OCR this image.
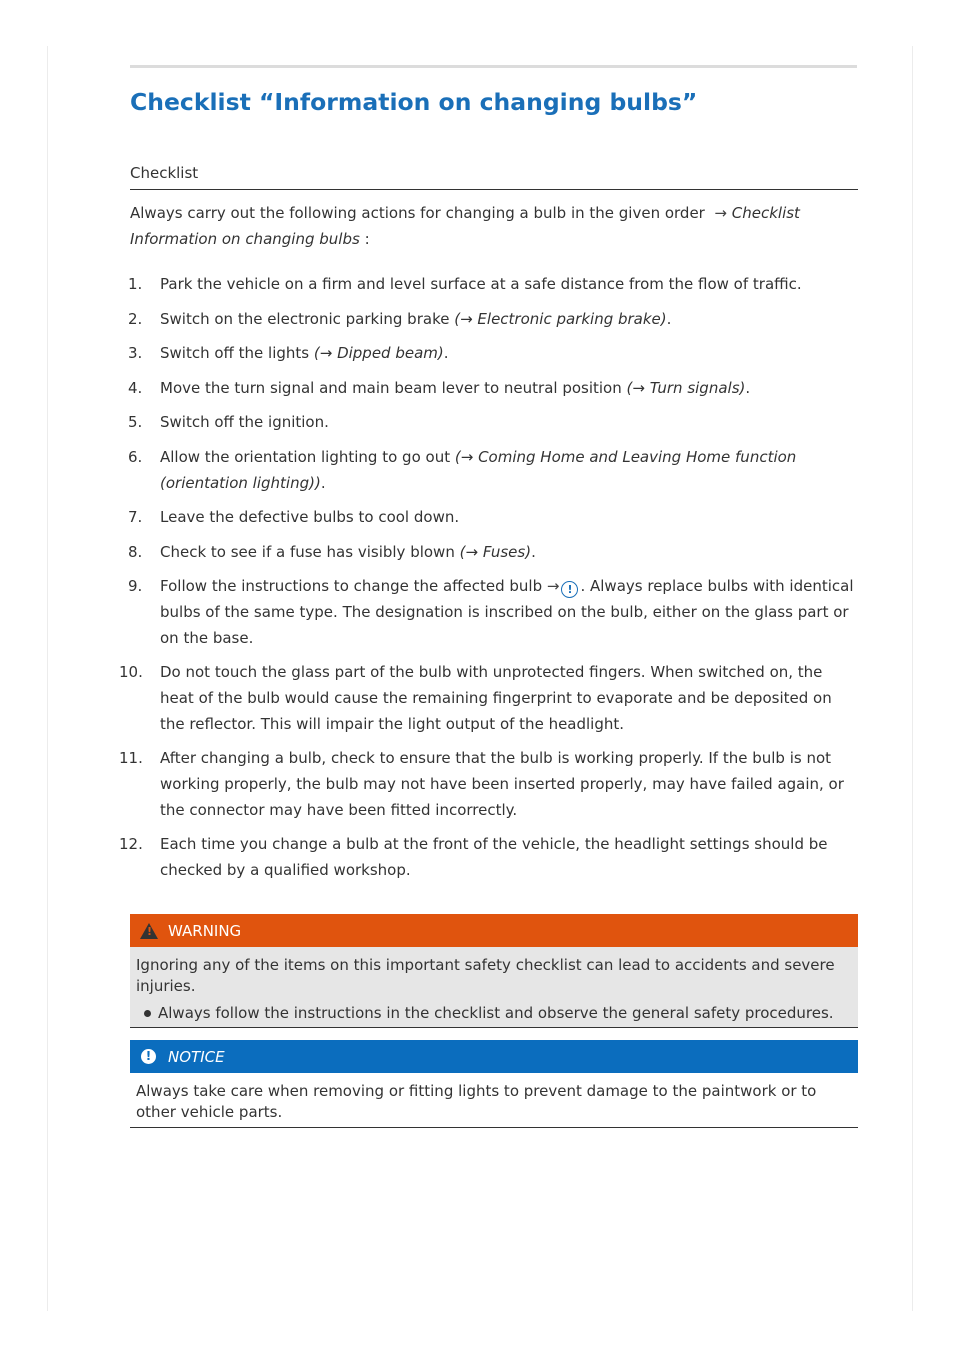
Checklist “Information on changing bulbs”
Checklist
Always carry out the following actions for changing a bulb in the given order  → Checklist Information on changing bulbs :
1.	Park the vehicle on a firm and level surface at a safe distance from the flow of traffic.
2.	Switch on the electronic parking brake (→ Electronic parking brake).
3.	Switch off the lights (→ Dipped beam).
4.	Move the turn signal and main beam lever to neutral position (→ Turn signals).
5.	Switch off the ignition.
6.	Allow the orientation lighting to go out (→ Coming Home and Leaving Home function (orientation lighting)).
7.	Leave the defective bulbs to cool down.
8.	Check to see if a fuse has visibly blown (→ Fuses).
9.	Follow the instructions to change the affected bulb → ! . Always replace bulbs with identical bulbs of the same type. The designation is inscribed on the bulb, either on the glass part or on the base.
10.	Do not touch the glass part of the bulb with unprotected fingers. When switched on, the heat of the bulb would cause the remaining fingerprint to evaporate and be deposited on the reflector. This will impair the light output of the headlight.
11.	After changing a bulb, check to ensure that the bulb is working properly. If the bulb is not working properly, the bulb may not have been inserted properly, may have failed again, or the connector may have been fitted incorrectly.
12.	Each time you change a bulb at the front of the vehicle, the headlight settings should be checked by a qualified workshop.
! WARNING
Ignoring any of the items on this important safety checklist can lead to accidents and severe injuries.
Always follow the instructions in the checklist and observe the general safety procedures.
!	NOTICE
Always take care when removing or fitting lights to prevent damage to the paintwork or to other vehicle parts.
